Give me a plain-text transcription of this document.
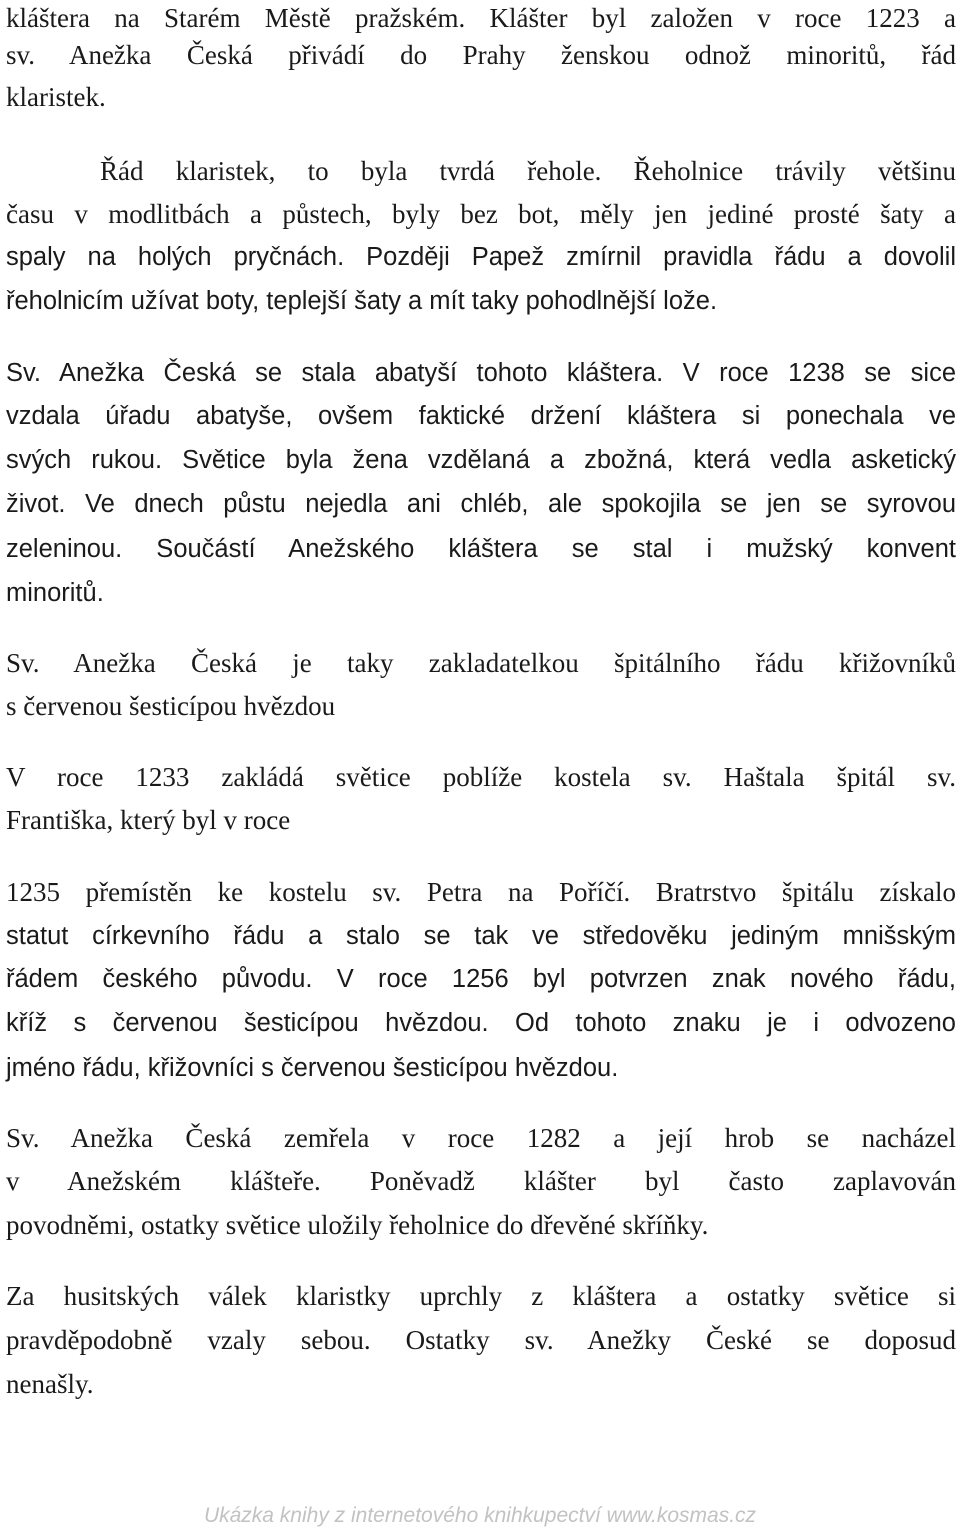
kláštera na Starém Městě pražském. Klášter byl založen v roce 1223 a
sv. Anežka Česká přivádí do Prahy ženskou odnož minoritů, řád
klaristek.
Řád klaristek, to byla tvrdá řehole. Řeholnice trávily většinu
času v modlitbách a půstech, byly bez bot, měly jen jediné prosté šaty a
spaly na holých pryčnách. Později Papež zmírnil pravidla řádu a dovolil
řeholnicím užívat boty, teplejší šaty a mít taky pohodlnější lože.
Sv. Anežka Česká se stala abatyší tohoto kláštera. V roce 1238 se sice
vzdala úřadu abatyše, ovšem faktické držení kláštera si ponechala ve
svých rukou. Světice byla žena vzdělaná a zbožná, která vedla asketický
život. Ve dnech půstu nejedla ani chléb, ale spokojila se jen se syrovou
zeleninou. Součástí Anežského kláštera se stal i mužský konvent
minoritů.
Sv. Anežka Česká je taky zakladatelkou špitálního řádu křižovníků
s červenou šesticípou hvězdou
V roce 1233 zakládá světice poblíže kostela sv. Haštala špitál sv.
Františka, který byl v roce
1235 přemístěn ke kostelu sv. Petra na Poříčí. Bratrstvo špitálu získalo
statut církevního řádu a stalo se tak ve středověku jediným mnišským
řádem českého původu. V roce 1256 byl potvrzen znak nového řádu,
kříž s červenou šesticípou hvězdou. Od tohoto znaku je i odvozeno
jméno řádu, křižovníci s červenou šesticípou hvězdou.
Sv. Anežka Česká zemřela v roce 1282 a její hrob se nacházel
v Anežském klášteře. Poněvadž klášter byl často zaplavován
povodněmi, ostatky světice uložily řeholnice do dřevěné skříňky.
Za husitských válek klaristky uprchly z kláštera a ostatky světice si
pravděpodobně vzaly sebou. Ostatky sv. Anežky České se doposud
nenašly.
Ukázka knihy z internetového knihkupectví www.kosmas.cz
